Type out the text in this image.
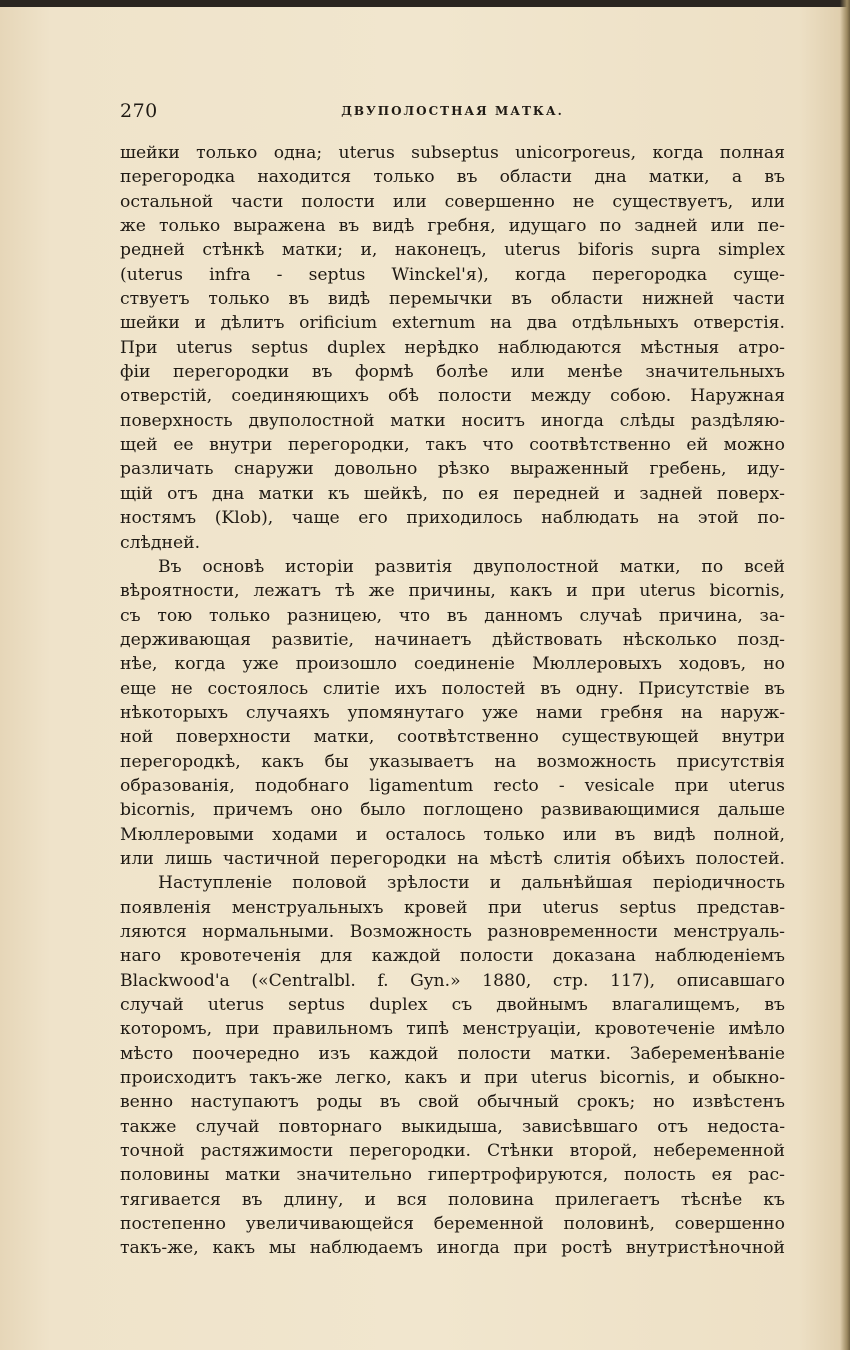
270	ДВУПОЛОСТНАЯ МАТКА.
шейки только одна; uterus subseptus unicorporeus, когда полная
перегородка находится только въ области дна матки, а въ
остальной части полости или совершенно не существуетъ, или
же только выражена въ видѣ гребня, идущаго по задней или пе-
редней стѣнкѣ матки; и, наконецъ, uterus biforis supra simplex
(uterus infra - septus Winckel'я), когда перегородка суще-
ствуетъ только въ видѣ перемычки въ области нижней части
шейки и дѣлитъ orificium externum на два отдѣльныхъ отверстія.
При uterus septus duplex нерѣдко наблюдаются мѣстныя атро-
фіи перегородки въ формѣ болѣе или менѣе значительныхъ
отверстій, соединяющихъ обѣ полости между собою. Наружная
поверхность двуполостной матки носитъ иногда слѣды раздѣляю-
щей ее внутри перегородки, такъ что соотвѣтственно ей можно
различать снаружи довольно рѣзко выраженный гребень, иду-
щій отъ дна матки къ шейкѣ, по ея передней и задней поверх-
ностямъ (Klob), чаще его приходилось наблюдать на этой по-
слѣдней.
Въ основѣ исторіи развитія двуполостной матки, по всей
вѣроятности, лежатъ тѣ же причины, какъ и при uterus bicornis,
съ тою только разницею, что въ данномъ случаѣ причина, за-
держивающая развитіе, начинаетъ дѣйствовать нѣсколько позд-
нѣе, когда уже произошло соединеніе Мюллеровыхъ ходовъ, но
еще не состоялось слитіе ихъ полостей въ одну. Присутствіе въ
нѣкоторыхъ случаяхъ упомянутаго уже нами гребня на наруж-
ной поверхности матки, соотвѣтственно существующей внутри
перегородкѣ, какъ бы указываетъ на возможность присутствія
образованія, подобнаго ligamentum recto - vesicale при uterus
bicornis, причемъ оно было поглощено развивающимися дальше
Мюллеровыми ходами и осталось только или въ видѣ полной,
или лишь частичной перегородки на мѣстѣ слитія обѣихъ полостей.
Наступленіе половой зрѣлости и дальнѣйшая періодичность
появленія менструальныхъ кровей при uterus septus представ-
ляются нормальными. Возможность разновременности менструаль-
наго кровотеченія для каждой полости доказана наблюденіемъ
Blackwood'а («Centralbl. f. Gyn.» 1880, стр. 117), описавшаго
случай uterus septus duplex съ двойнымъ влагалищемъ, въ
которомъ, при правильномъ типѣ менструаціи, кровотеченіе имѣло
мѣсто поочередно изъ каждой полости матки. Забеременѣваніе
происходитъ такъ-же легко, какъ и при uterus bicornis, и обыкно-
венно наступаютъ роды въ свой обычный срокъ; но извѣстенъ
также случай повторнаго выкидыша, зависѣвшаго отъ недоста-
точной растяжимости перегородки. Стѣнки второй, небеременной
половины матки значительно гипертрофируются, полость ея рас-
тягивается въ длину, и вся половина прилегаетъ тѣснѣе къ
постепенно увеличивающейся беременной половинѣ, совершенно
такъ-же, какъ мы наблюдаемъ иногда при ростѣ внутристѣночной
